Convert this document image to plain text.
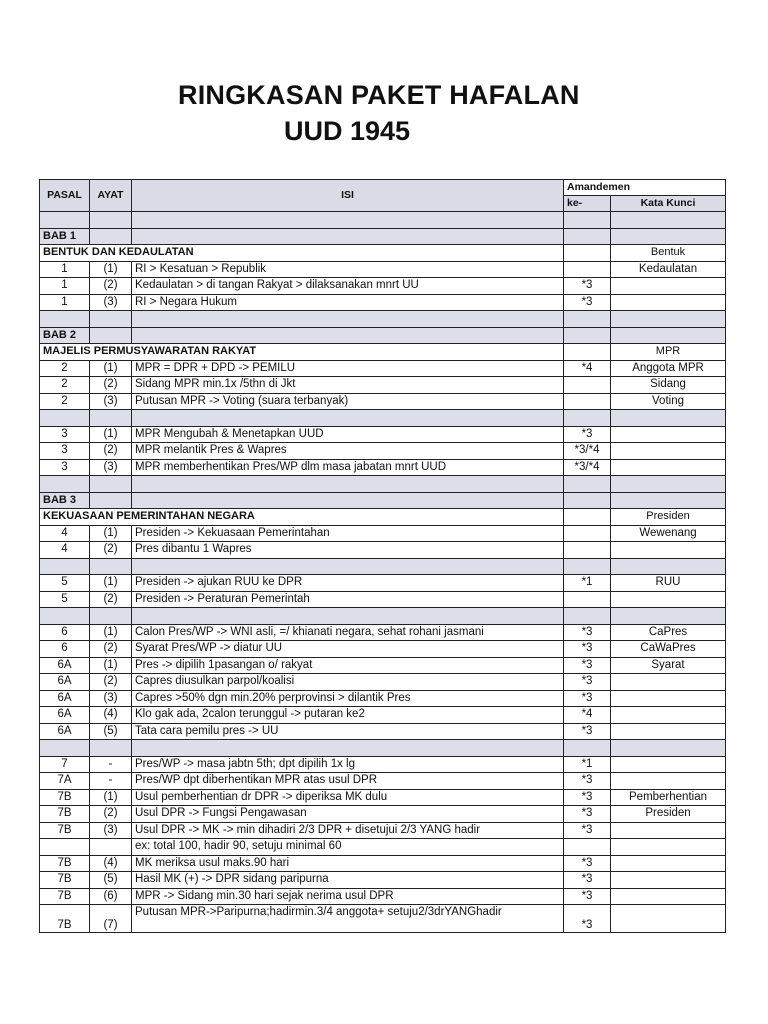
RINGKASAN PAKET HAFALAN
UUD 1945
PASAL	AYAT	ISI	Amandemen	
			ke-	Kata Kunci

BAB 1				
BENTUK DAN KEDAULATAN				Bentuk
1	(1)	RI > Kesatuan > Republik		Kedaulatan
1	(2)	Kedaulatan > di tangan Rakyat > dilaksanakan mnrt UU	*3	
1	(3)	RI > Negara Hukum	*3	

BAB 2				
MAJELIS PERMUSYAWARATAN RAKYAT				MPR
2	(1)	MPR = DPR + DPD -> PEMILU	*4	Anggota MPR
2	(2)	Sidang MPR min.1x /5thn di Jkt		Sidang
2	(3)	Putusan MPR -> Voting (suara terbanyak)		Voting

3	(1)	MPR Mengubah & Menetapkan UUD	*3	
3	(2)	MPR melantik Pres & Wapres	*3/*4	
3	(3)	MPR memberhentikan Pres/WP dlm masa jabatan mnrt UUD	*3/*4	

BAB 3				
KEKUASAAN PEMERINTAHAN NEGARA				Presiden
4	(1)	Presiden -> Kekuasaan Pemerintahan		Wewenang
4	(2)	Pres dibantu 1 Wapres		

5	(1)	Presiden -> ajukan RUU ke DPR	*1	RUU
5	(2)	Presiden -> Peraturan Pemerintah		

6	(1)	Calon Pres/WP -> WNI asli, =/ khianati negara, sehat rohani jasmani	*3	CaPres
6	(2)	Syarat Pres/WP -> diatur UU	*3	CaWaPres
6A	(1)	Pres -> dipilih 1pasangan o/ rakyat	*3	Syarat
6A	(2)	Capres diusulkan parpol/koalisi	*3	
6A	(3)	Capres >50% dgn min.20% perprovinsi > dilantik Pres	*3	
6A	(4)	Klo gak ada, 2calon terunggul -> putaran ke2	*4	
6A	(5)	Tata cara pemilu pres -> UU	*3	

7	-	Pres/WP -> masa jabtn 5th; dpt dipilih 1x lg	*1	
7A	-	Pres/WP dpt diberhentikan MPR atas usul DPR	*3	
7B	(1)	Usul pemberhentian dr DPR -> diperiksa MK dulu	*3	Pemberhentian
7B	(2)	Usul DPR -> Fungsi Pengawasan	*3	Presiden
7B	(3)	Usul DPR -> MK -> min dihadiri 2/3 DPR + disetujui 2/3 YANG hadir	*3	
		ex: total 100, hadir 90, setuju minimal 60		
7B	(4)	MK meriksa usul maks.90 hari	*3	
7B	(5)	Hasil MK (+) -> DPR sidang paripurna	*3	
7B	(6)	MPR -> Sidang min.30 hari sejak nerima usul DPR	*3	
7B	(7)	Putusan MPR->Paripurna;hadirmin.3/4 anggota+ setuju2/3drYANGhadir	*3	
